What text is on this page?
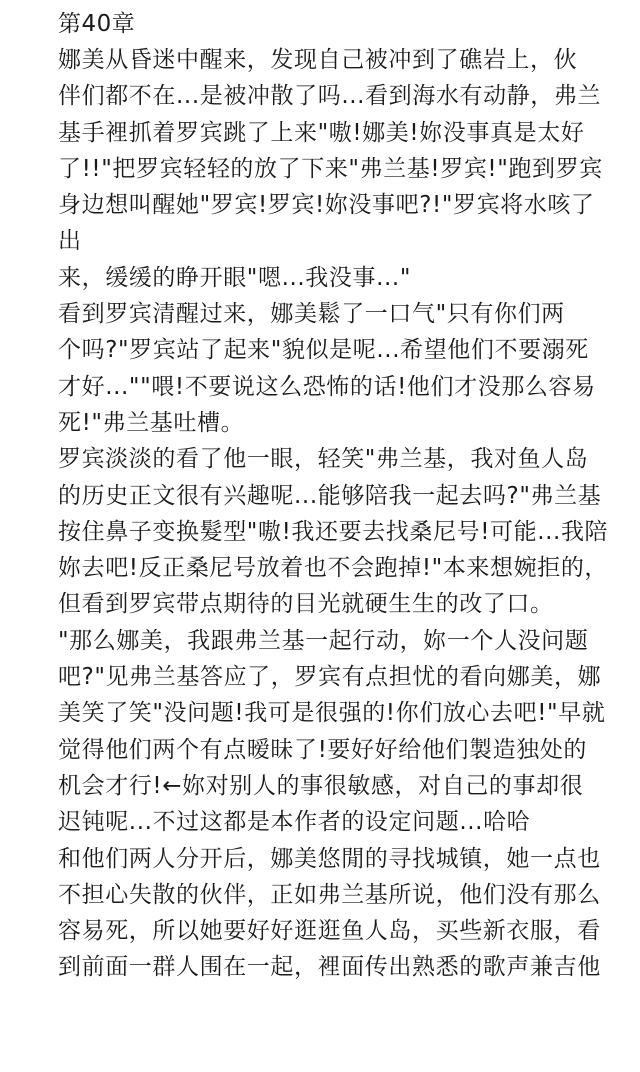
第40章

娜美从昏迷中醒来，发现自己被冲到了礁岩上，伙
伴们都不在...是被冲散了吗...看到海水有动静，弗兰
基手裡抓着罗宾跳了上来"嗷!娜美!妳没事真是太好
了!!"把罗宾轻轻的放了下来"弗兰基!罗宾!"跑到罗宾
身边想叫醒她"罗宾!罗宾!妳没事吧?!"罗宾将水咳了出
来，缓缓的睁开眼"嗯...我没事..."

看到罗宾清醒过来，娜美鬆了一口气"只有你们两
个吗?"罗宾站了起来"貌似是呢...希望他们不要溺死
才好...""喂!不要说这么恐怖的话!他们才没那么容易
死!"弗兰基吐槽。

罗宾淡淡的看了他一眼，轻笑"弗兰基，我对鱼人岛
的历史正文很有兴趣呢...能够陪我一起去吗?"弗兰基
按住鼻子变换髮型"嗷!我还要去找桑尼号!可能...我陪
妳去吧!反正桑尼号放着也不会跑掉!"本来想婉拒的，
但看到罗宾带点期待的目光就硬生生的改了口。

"那么娜美，我跟弗兰基一起行动，妳一个人没问题
吧?"见弗兰基答应了，罗宾有点担忧的看向娜美，娜
美笑了笑"没问题!我可是很强的!你们放心去吧!"早就
觉得他们两个有点暧昧了!要好好给他们製造独处的
机会才行!←妳对别人的事很敏感，对自己的事却很
迟钝呢...不过这都是本作者的设定问题...哈哈

和他们两人分开后，娜美悠閒的寻找城镇，她一点也
不担心失散的伙伴，正如弗兰基所说，他们没有那么
容易死，所以她要好好逛逛鱼人岛，买些新衣服，看
到前面一群人围在一起，裡面传出熟悉的歌声兼吉他
